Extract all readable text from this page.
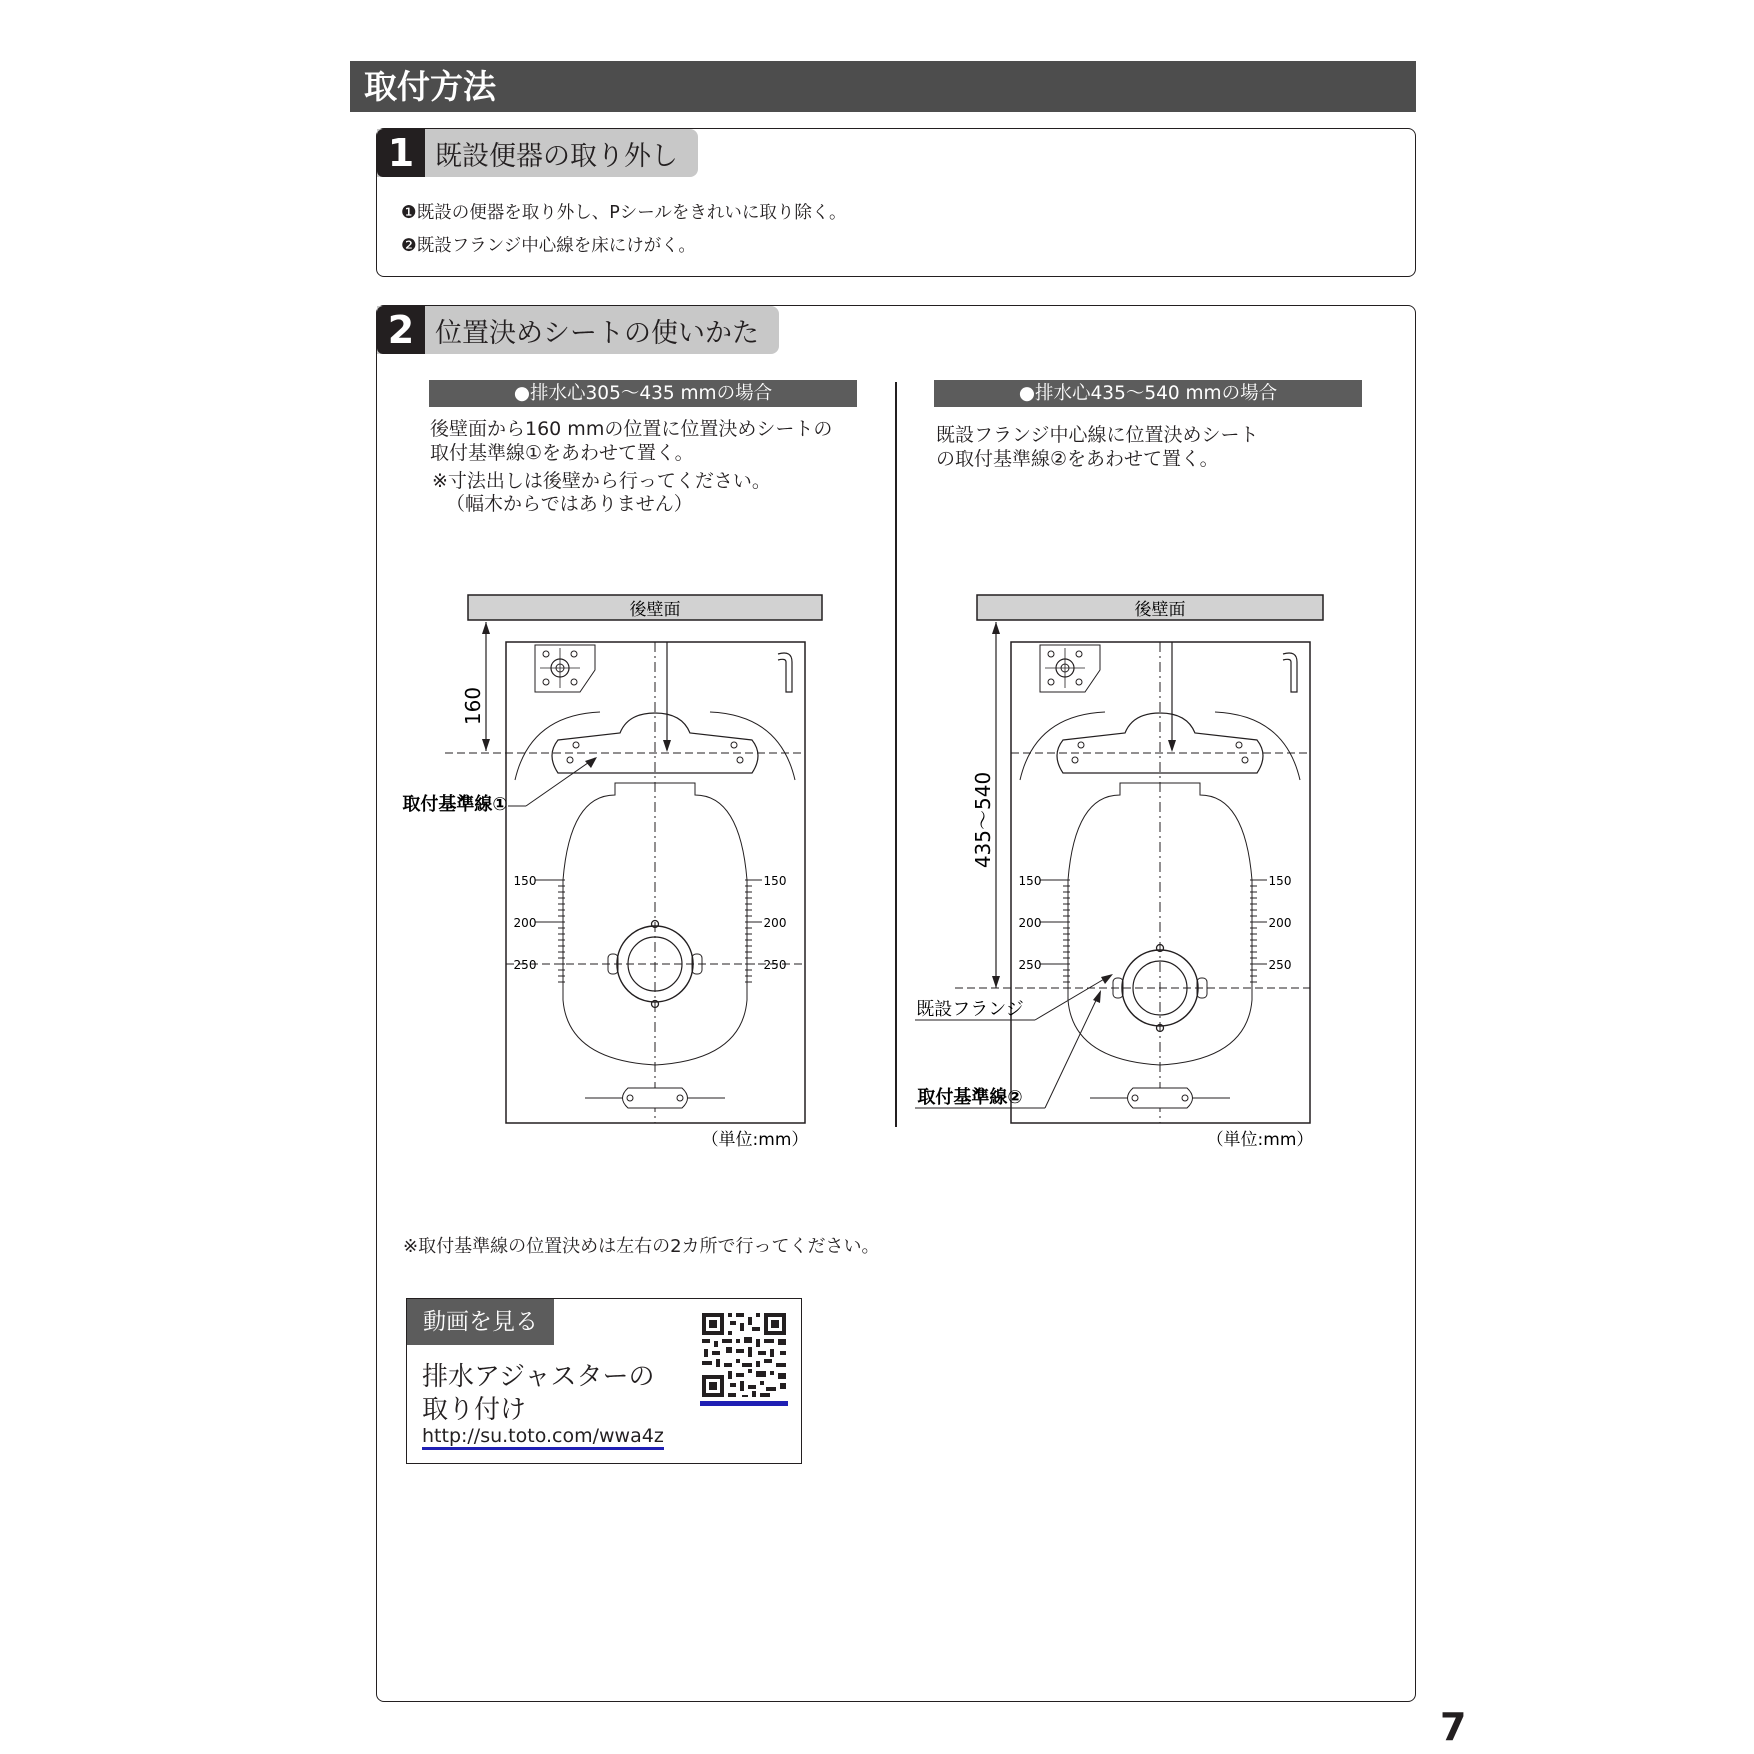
取付方法
1 既設便器の取り外し
❶既設の便器を取り外し、Pシールをきれいに取り除く。
❷既設フランジ中心線を床にけがく。
2 位置決めシートの使いかた
●排水心305〜435 mmの場合
後壁面から160 mmの位置に位置決めシートの
取付基準線①をあわせて置く。
※寸法出しは後壁から行ってください。
（幅木からではありません）
●排水心435〜540 mmの場合
既設フランジ中心線に位置決めシート
の取付基準線②をあわせて置く。
後壁面
160
150
200
250
150
200
250
取付基準線①
（単位:mm）
後壁面
435〜540
150
200
250
150
200
250
既設フランジ
取付基準線②
（単位:mm）
※取付基準線の位置決めは左右の2カ所で行ってください。
動画を見る
排水アジャスターの
取り付け
http://su.toto.com/wwa4z
7
